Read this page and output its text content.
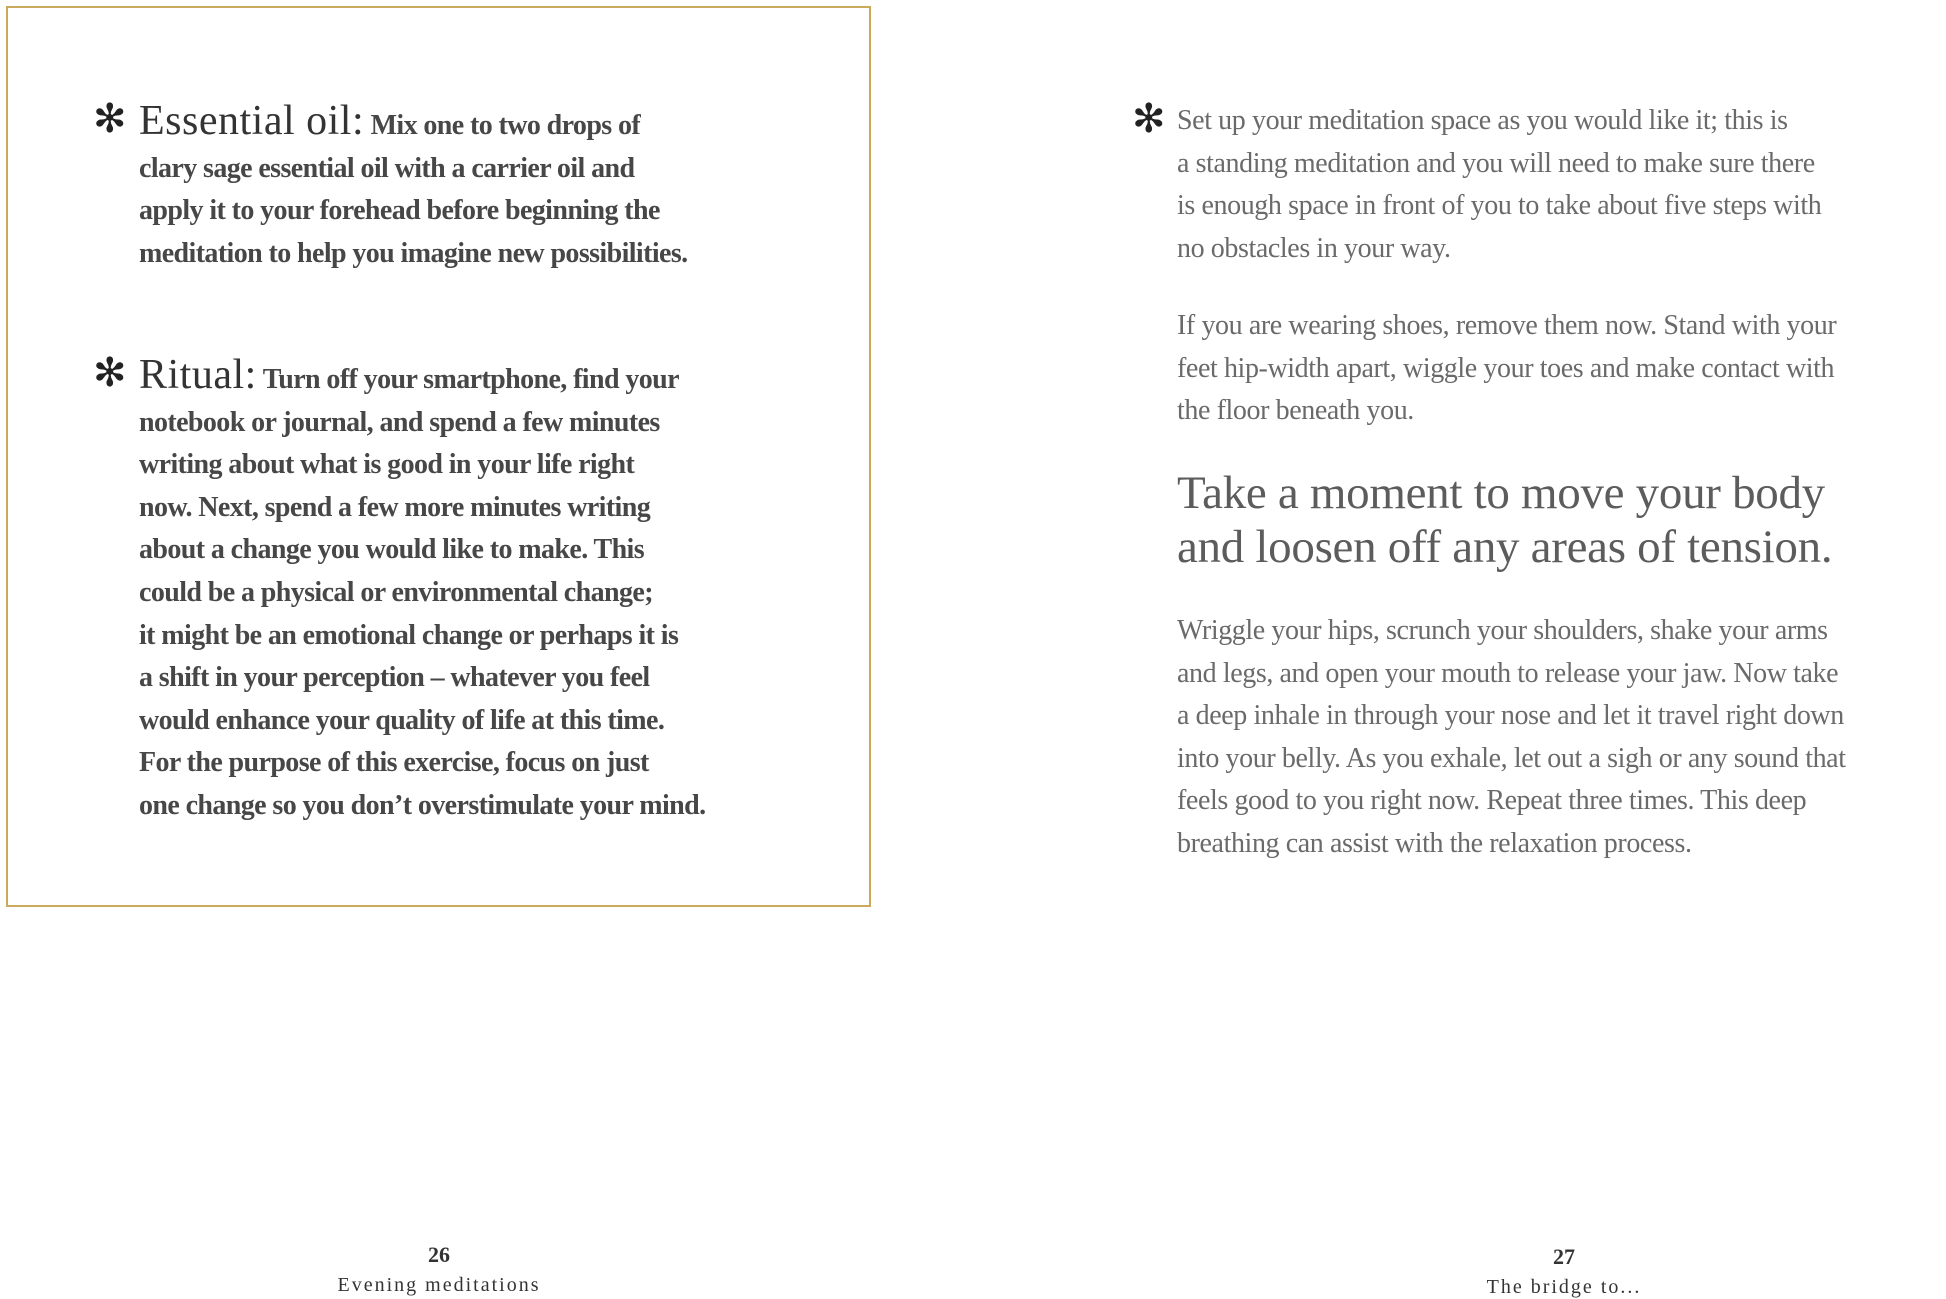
✻ Essential oil: Mix one to two drops of
clary sage essential oil with a carrier oil and
apply it to your forehead before beginning the
meditation to help you imagine new possibilities.
✻ Ritual: Turn off your smartphone, find your
notebook or journal, and spend a few minutes
writing about what is good in your life right
now. Next, spend a few more minutes writing
about a change you would like to make. This
could be a physical or environmental change;
it might be an emotional change or perhaps it is
a shift in your perception – whatever you feel
would enhance your quality of life at this time.
For the purpose of this exercise, focus on just
one change so you don’t overstimulate your mind.
26
Evening meditations
✻ Set up your meditation space as you would like it; this is
a standing meditation and you will need to make sure there
is enough space in front of you to take about five steps with
no obstacles in your way.
If you are wearing shoes, remove them now. Stand with your
feet hip-width apart, wiggle your toes and make contact with
the floor beneath you.
Take a moment to move your body
and loosen off any areas of tension.
Wriggle your hips, scrunch your shoulders, shake your arms
and legs, and open your mouth to release your jaw. Now take
a deep inhale in through your nose and let it travel right down
into your belly. As you exhale, let out a sigh or any sound that
feels good to you right now. Repeat three times. This deep
breathing can assist with the relaxation process.
27
The bridge to...
